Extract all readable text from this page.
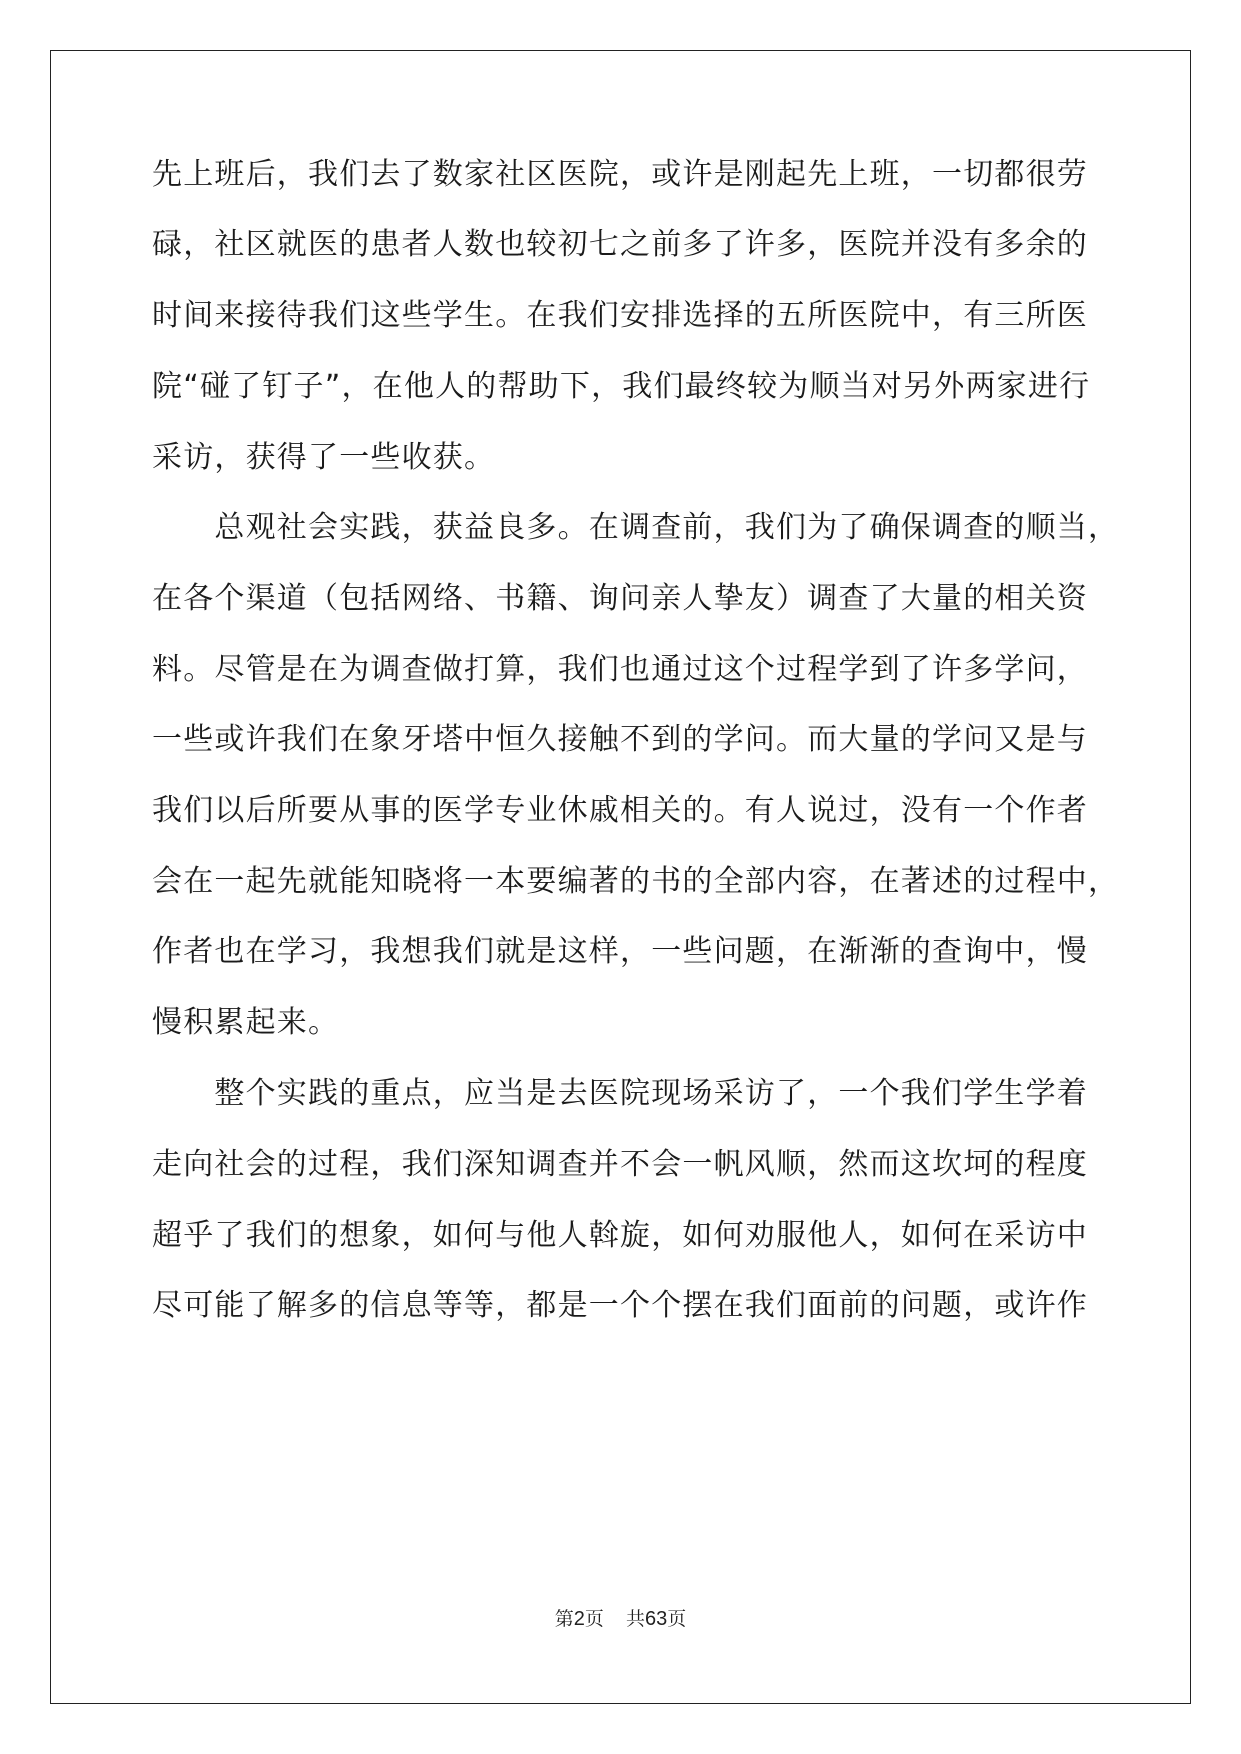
先上班后，我们去了数家社区医院，或许是刚起先上班，一切都很劳
碌，社区就医的患者人数也较初七之前多了许多，医院并没有多余的
时间来接待我们这些学生。在我们安排选择的五所医院中，有三所医
院“碰了钉子”，在他人的帮助下，我们最终较为顺当对另外两家进行
采访，获得了一些收获。
　　总观社会实践，获益良多。在调查前，我们为了确保调查的顺当，
在各个渠道（包括网络、书籍、询问亲人挚友）调查了大量的相关资
料。尽管是在为调查做打算，我们也通过这个过程学到了许多学问，
一些或许我们在象牙塔中恒久接触不到的学问。而大量的学问又是与
我们以后所要从事的医学专业休戚相关的。有人说过，没有一个作者
会在一起先就能知晓将一本要编著的书的全部内容，在著述的过程中，
作者也在学习，我想我们就是这样，一些问题，在渐渐的查询中，慢
慢积累起来。
　　整个实践的重点，应当是去医院现场采访了，一个我们学生学着
走向社会的过程，我们深知调查并不会一帆风顺，然而这坎坷的程度
超乎了我们的想象，如何与他人斡旋，如何劝服他人，如何在采访中
尽可能了解多的信息等等，都是一个个摆在我们面前的问题，或许作
第2页 共63页
